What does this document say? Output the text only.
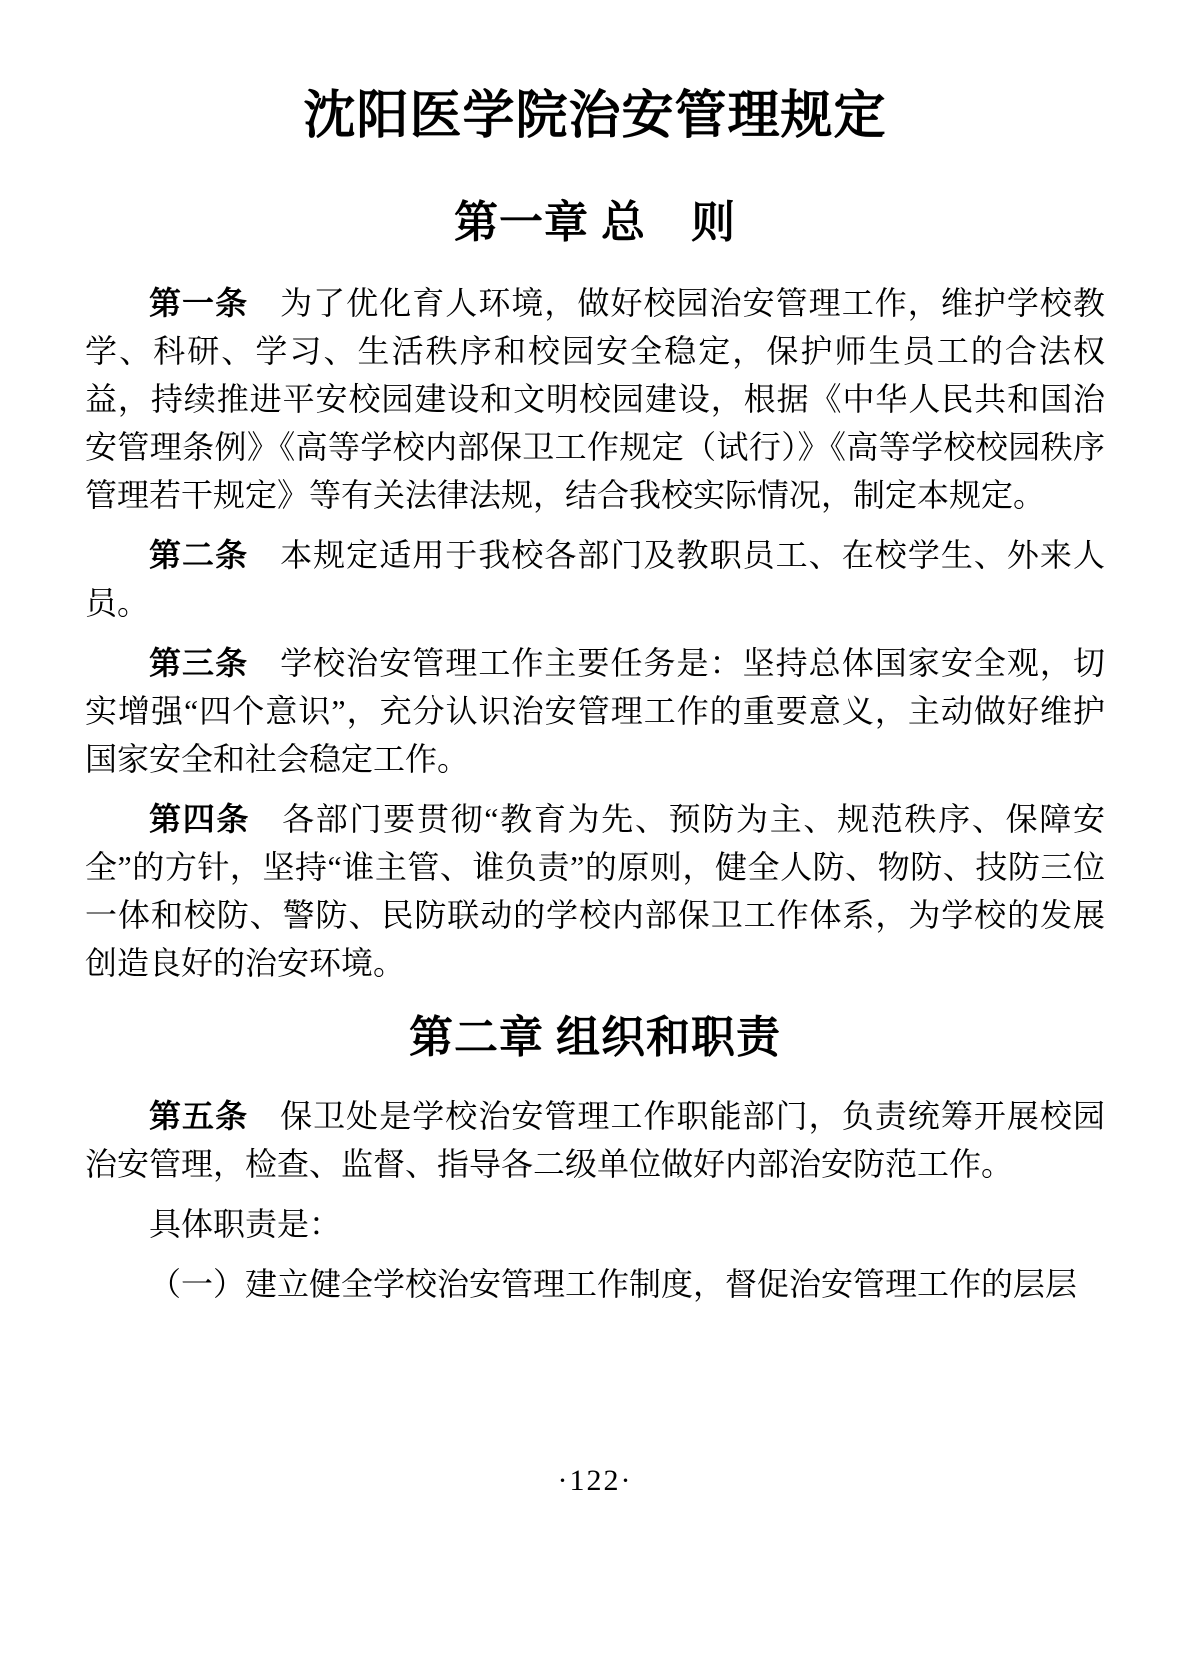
沈阳医学院治安管理规定
第一章 总　则

第一条 为了优化育人环境，做好校园治安管理工作，维护学校教学、科研、学习、生活秩序和校园安全稳定，保护师生员工的合法权益，持续推进平安校园建设和文明校园建设，根据《中华人民共和国治安管理条例》《高等学校内部保卫工作规定（试行）》《高等学校校园秩序管理若干规定》等有关法律法规，结合我校实际情况，制定本规定。

第二条 本规定适用于我校各部门及教职员工、在校学生、外来人员。

第三条 学校治安管理工作主要任务是：坚持总体国家安全观，切实增强“四个意识”，充分认识治安管理工作的重要意义，主动做好维护国家安全和社会稳定工作。

第四条 各部门要贯彻“教育为先、预防为主、规范秩序、保障安全”的方针，坚持“谁主管、谁负责”的原则，健全人防、物防、技防三位一体和校防、警防、民防联动的学校内部保卫工作体系，为学校的发展创造良好的治安环境。

第二章 组织和职责

第五条 保卫处是学校治安管理工作职能部门，负责统筹开展校园治安管理，检查、监督、指导各二级单位做好内部治安防范工作。

具体职责是：

（一）建立健全学校治安管理工作制度，督促治安管理工作的层层

·122·
